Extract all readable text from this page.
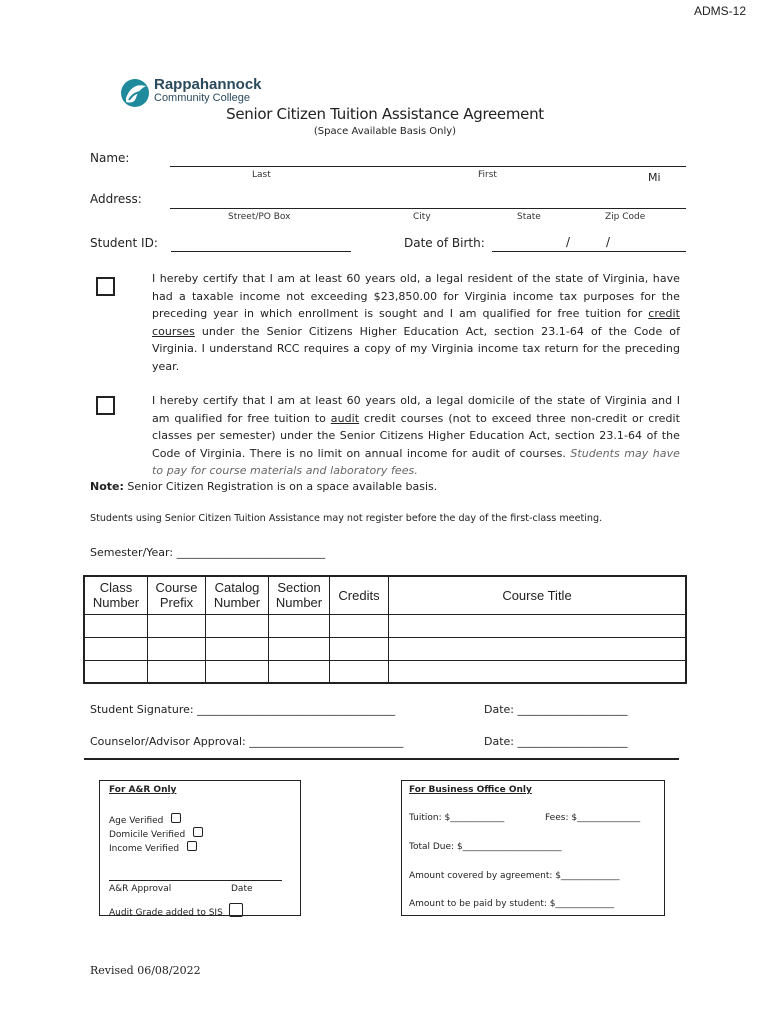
ADMS-12
Rappahannock
Community College
Senior Citizen Tuition Assistance Agreement
(Space Available Basis Only)
Name:
Last	First	Mi
Address:
Street/PO Box	City	State	Zip Code
Student ID:	Date of Birth:	/	/
I hereby certify that I am at least 60 years old, a legal resident of the state of Virginia, have had a taxable income not exceeding $23,850.00 for Virginia income tax purposes for the preceding year in which enrollment is sought and I am qualified for free tuition for credit courses under the Senior Citizens Higher Education Act, section 23.1-64 of the Code of Virginia. I understand RCC requires a copy of my Virginia income tax return for the preceding year.
I hereby certify that I am at least 60 years old, a legal domicile of the state of Virginia and I am qualified for free tuition to audit credit courses (not to exceed three non-credit or credit classes per semester) under the Senior Citizens Higher Education Act, section 23.1-64 of the Code of Virginia. There is no limit on annual income for audit of courses. Students may have to pay for course materials and laboratory fees.
Note: Senior Citizen Registration is on a space available basis.
Students using Senior Citizen Tuition Assistance may not register before the day of the first-class meeting.
Semester/Year: ___________________________
Class Number	Course Prefix	Catalog Number	Section Number	Credits	Course Title

Student Signature: ____________________________________	Date: ____________________
Counselor/Advisor Approval: ____________________________	Date: ____________________
For A&R Only
Age Verified
Domicile Verified
Income Verified
A&R Approval	Date
Audit Grade added to SIS
For Business Office Only
Tuition: $____________	Fees: $______________
Total Due: $______________________
Amount covered by agreement: $_____________
Amount to be paid by student: $_____________
Revised 06/08/2022
